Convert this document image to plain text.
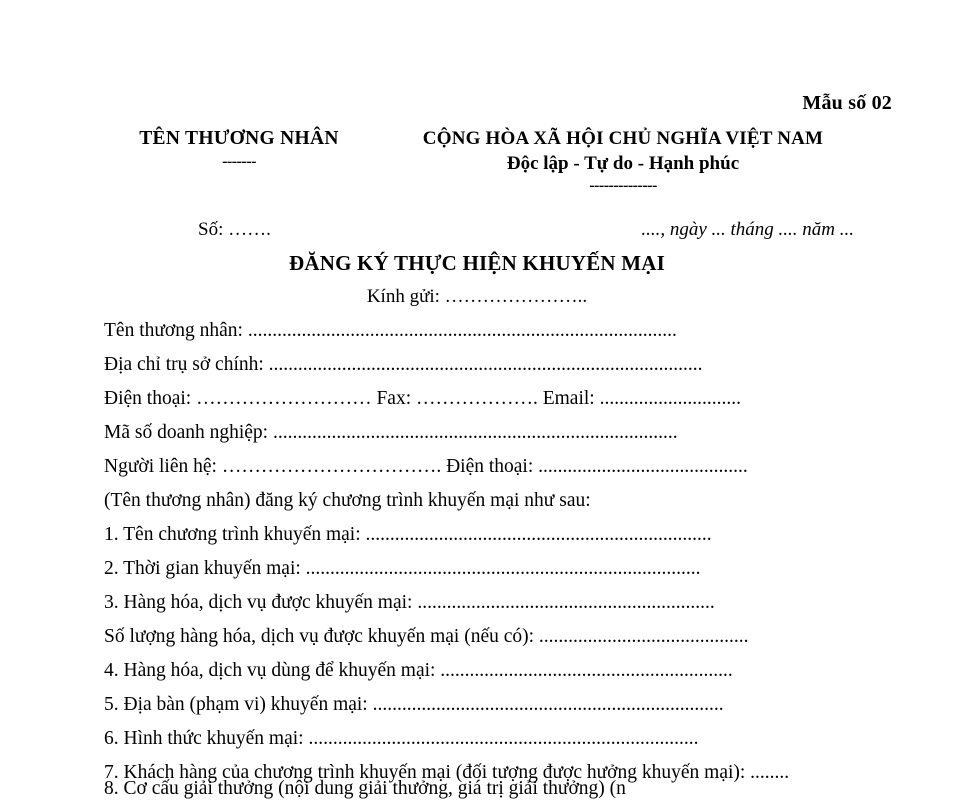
Mẫu số 02
TÊN THƯƠNG NHÂN
-------
CỘNG HÒA XÃ HỘI CHỦ NGHĨA VIỆT NAM
Độc lập - Tự do - Hạnh phúc
--------------
Số: …….	...., ngày ... tháng .... năm ...
ĐĂNG KÝ THỰC HIỆN KHUYẾN MẠI
Kính gửi: …………………..
Tên thương nhân: ........................................................................................
Địa chỉ trụ sở chính: .........................................................................................
Điện thoại: ……………………… Fax: ………………. Email: .............................
Mã số doanh nghiệp: ...................................................................................
Người liên hệ: ……………………………. Điện thoại: ...........................................
(Tên thương nhân) đăng ký chương trình khuyến mại như sau:
1. Tên chương trình khuyến mại: .......................................................................
2. Thời gian khuyến mại: .................................................................................
3. Hàng hóa, dịch vụ được khuyến mại: .............................................................
Số lượng hàng hóa, dịch vụ được khuyến mại (nếu có): ...........................................
4. Hàng hóa, dịch vụ dùng để khuyến mại: ............................................................
5. Địa bàn (phạm vi) khuyến mại: ........................................................................
6. Hình thức khuyến mại: ................................................................................
7. Khách hàng của chương trình khuyến mại (đối tượng được hưởng khuyến mại): ........
8. Cơ cấu giải thưởng (nội dung giải thưởng, giá trị giải thưởng) (n
